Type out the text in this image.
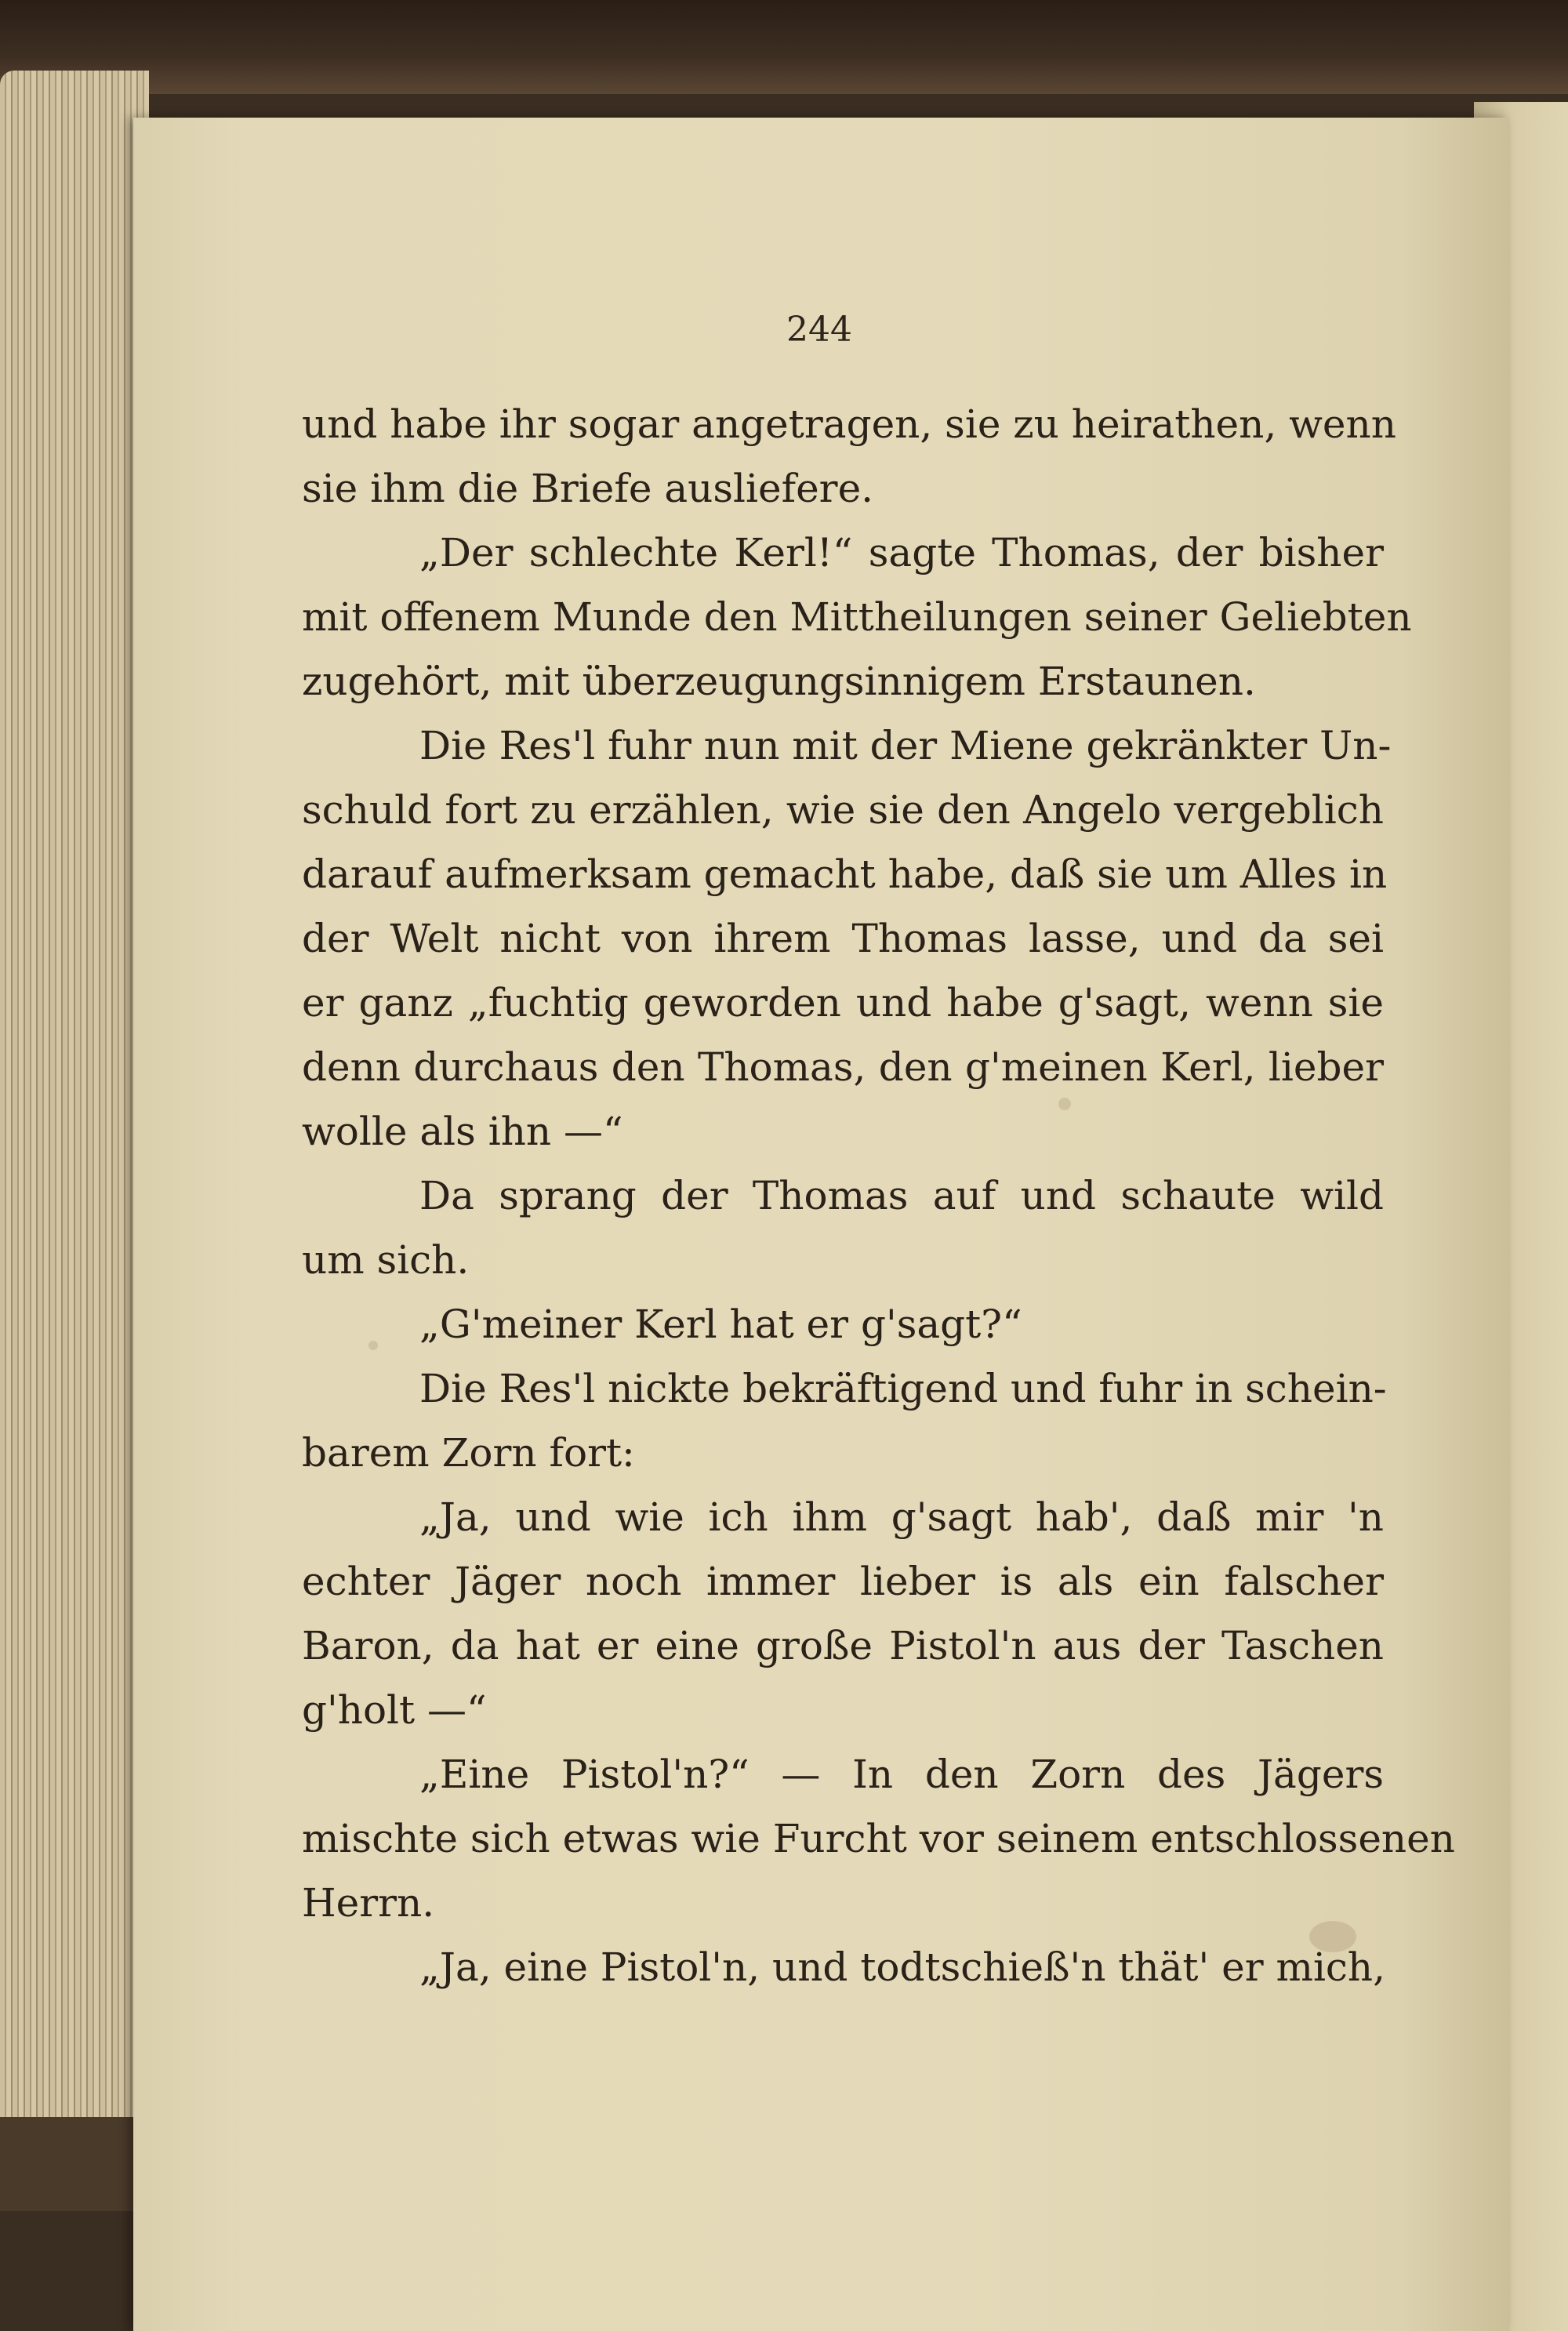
244
und habe ihr sogar angetragen, sie zu heirathen, wenn
sie ihm die Briefe ausliefere.
„Der schlechte Kerl!“ sagte Thomas, der bisher
mit offenem Munde den Mittheilungen seiner Geliebten
zugehört, mit überzeugungsinnigem Erstaunen.
Die Res'l fuhr nun mit der Miene gekränkter Un-
schuld fort zu erzählen, wie sie den Angelo vergeblich
darauf aufmerksam gemacht habe, daß sie um Alles in
der Welt nicht von ihrem Thomas lasse, und da sei
er ganz „fuchtig geworden und habe g'sagt, wenn sie
denn durchaus den Thomas, den g'meinen Kerl, lieber
wolle als ihn —“
Da sprang der Thomas auf und schaute wild
um sich.
„G'meiner Kerl hat er g'sagt?“
Die Res'l nickte bekräftigend und fuhr in schein-
barem Zorn fort:
„Ja, und wie ich ihm g'sagt hab', daß mir 'n
echter Jäger noch immer lieber is als ein falscher
Baron, da hat er eine große Pistol'n aus der Taschen
g'holt —“
„Eine Pistol'n?“ — In den Zorn des Jägers
mischte sich etwas wie Furcht vor seinem entschlossenen
Herrn.
„Ja, eine Pistol'n, und todtschieß'n thät' er mich,
